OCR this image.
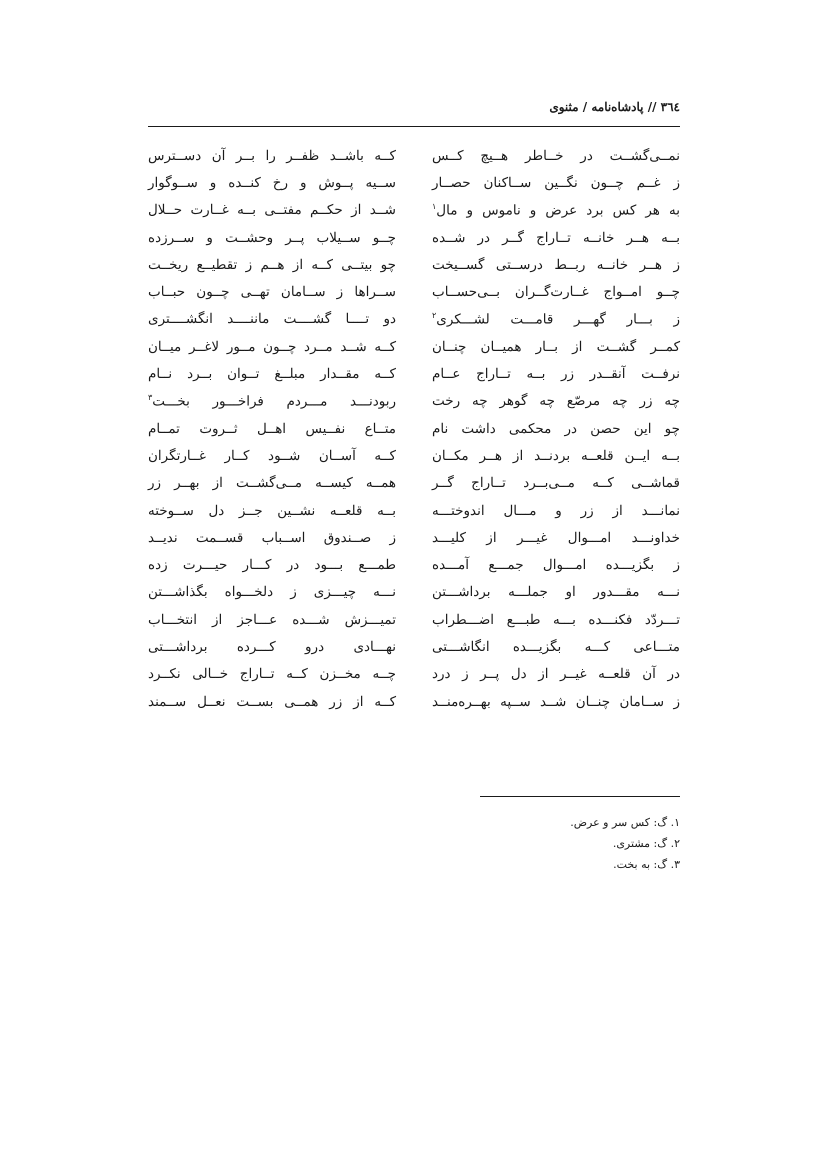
٣٦٤ // پادشاه‌نامه / مثنوی
نمــی‌گشــت در خــاطر هــیچ کــس
کــه باشــد ظفــر را بــر آن دســترس
ز غــم چــون نگــین ســاکنان حصــار
ســیه پــوش و رخ کنــده و ســوگوار
به هر کس برد عرض و ناموس و مال$^١$
شــد از حکــم مفتــی بــه غــارت حــلال
بــه هــر خانــه تــاراج گــر در شــده
چــو ســیلاب پــر وحشــت و ســرزده
ز هــر خانــه ربــط درســتی گســیخت
چو بیتــی کــه از هــم ز تقطیــع ریخــت
چــو امــواج غــارت‌گــران بــی‌حســاب
ســراها ز ســامان تهــی چــون حبــاب
ز بـــار گهـــر قامـــت لشـــکری$^٢$
دو تــــا گشــــت ماننــــد انگشــــتری
کمــر گشــت از بــار همیــان چنــان
کــه شــد مــرد چــون مــور لاغــر میــان
نرفــت آنقــدر زر بــه تــاراج عــام
کــه مقــدار مبلــغ تــوان بــرد نــام
چه زر چه مرصّع چه گوهر چه رخت
ربودنـــد مـــردم فراخـــور بخـــت$^٣$
چو این حصن در محکمی داشت نام
متــاع نفــیس اهــل ثــروت تمــام
بــه ایــن قلعــه بردنــد از هــر مکــان
کــه آســان شــود کــار غــارتگران
قماشــی کــه مــی‌بــرد تــاراج گــر
همــه کیســه مــی‌گشــت از بهــر زر
نمانـــد از زر و مـــال اندوختـــه
بــه قلعــه نشــین جــز دل ســوخته
خداونـــد امـــوال غیـــر از کلیـــد
ز صــندوق اســباب قســمت ندیــد
ز بگزیـــده امـــوال جمـــع آمـــده
طمـــع بـــود در کـــار حیـــرت زده
نـــه مقـــدور او جملـــه برداشـــتن
نـــه چیـــزی ز دلخـــواه بگذاشـــتن
تـــردّد فکنـــده بـــه طبـــع اضـــطراب
تمیـــزش شـــده عـــاجز از انتخـــاب
متـــاعی کـــه بگزیـــده انگاشـــتی
نهـــادی درو کـــرده برداشـــتی
در آن قلعــه غیــر از دل پــر ز درد
چــه مخــزن کــه تــاراج خــالی نکــرد
ز ســامان چنــان شــد ســپه بهــره‌منــد
کــه از زر همــی بســت نعــل ســمند
١. گ: کس سر و عرض.
٢. گ: مشتری.
٣. گ: به بخت.
